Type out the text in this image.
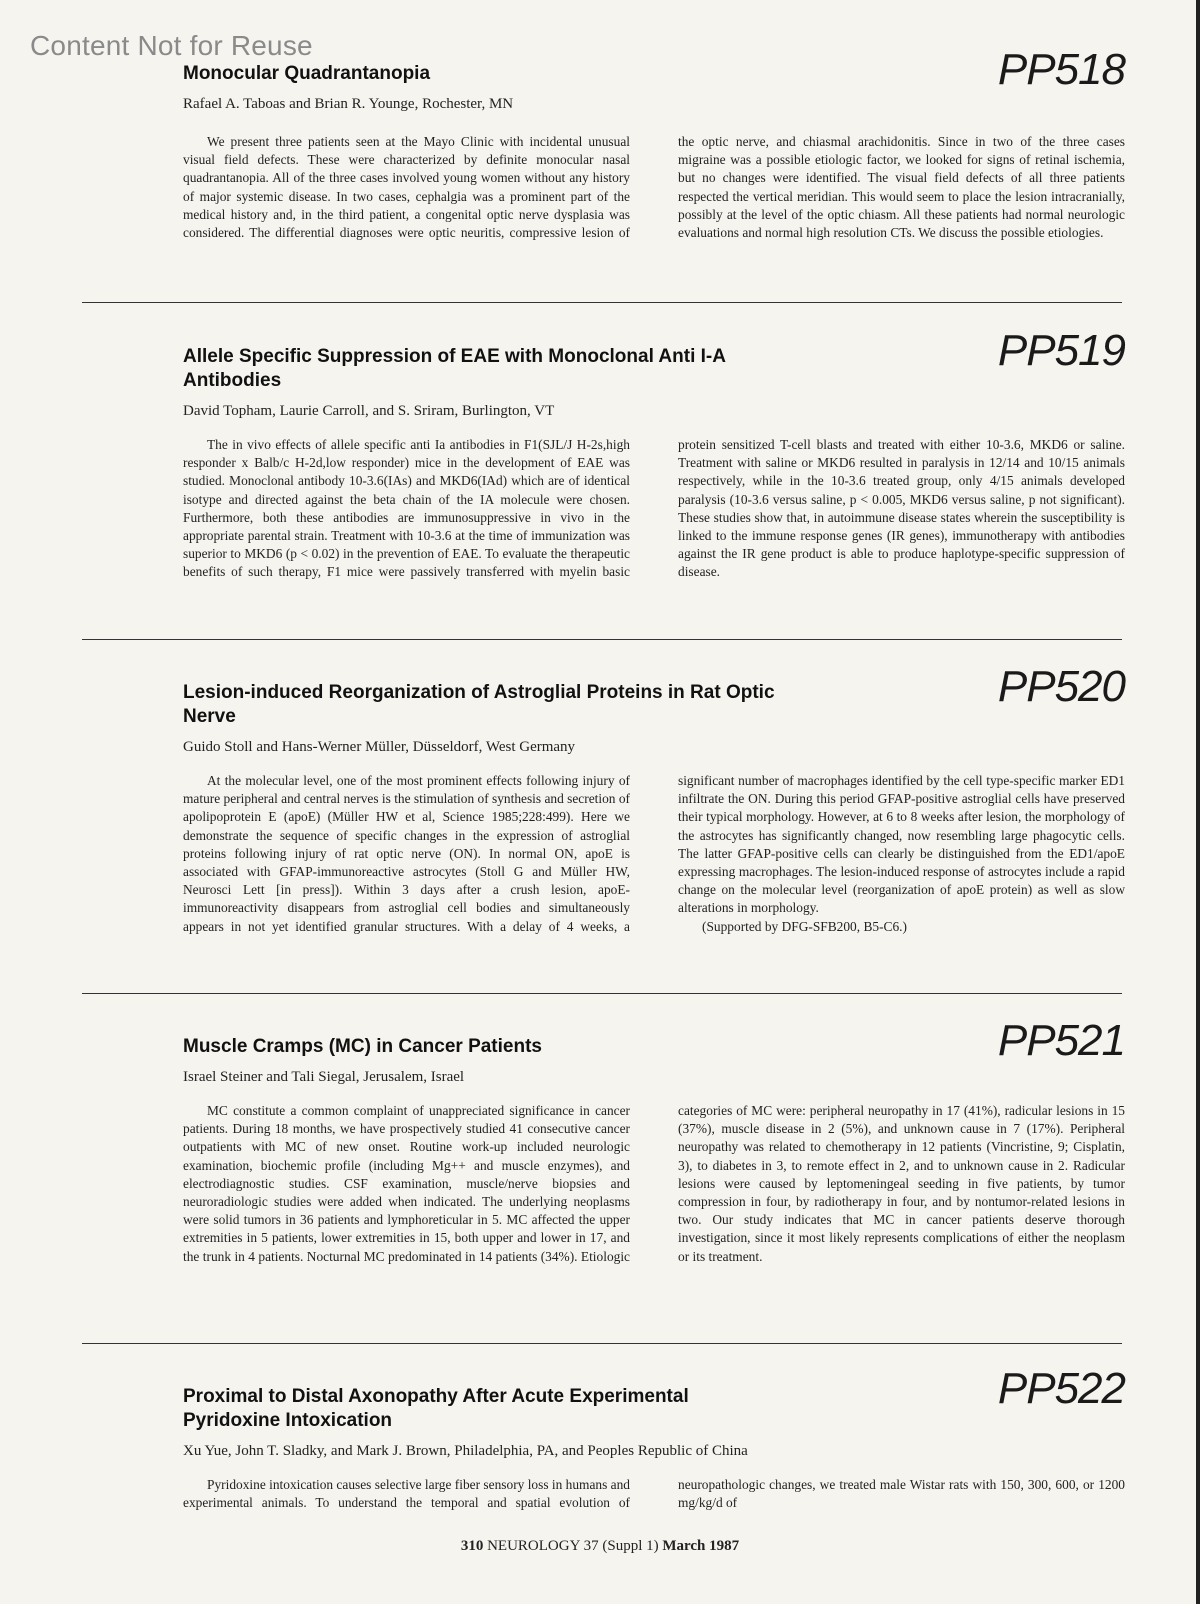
Content Not for Reuse	PP518
Monocular Quadrantanopia
Rafael A. Taboas and Brian R. Younge, Rochester, MN

We present three patients seen at the Mayo Clinic with incidental unusual visual field defects. These were characterized by definite monocular nasal quadrantanopia. All of the three cases involved young women without any history of major systemic disease. In two cases, cephalgia was a prominent part of the medical history and, in the third patient, a congenital optic nerve dysplasia was considered. The differential diagnoses were optic neuritis, compressive lesion of the optic nerve, and chiasmal arachidonitis. Since in two of the three cases migraine was a possible etiologic factor, we looked for signs of retinal ischemia, but no changes were identified. The visual field defects of all three patients respected the vertical meridian. This would seem to place the lesion intracranially, possibly at the level of the optic chiasm. All these patients had normal neurologic evaluations and normal high resolution CTs. We discuss the possible etiologies.

PP519
Allele Specific Suppression of EAE with Monoclonal Anti I-A Antibodies
David Topham, Laurie Carroll, and S. Sriram, Burlington, VT

The in vivo effects of allele specific anti Ia antibodies in F1(SJL/J H-2s,high responder x Balb/c H-2d,low responder) mice in the development of EAE was studied. Monoclonal antibody 10-3.6(IAs) and MKD6(IAd) which are of identical isotype and directed against the beta chain of the IA molecule were chosen. Furthermore, both these antibodies are immunosuppressive in vivo in the appropriate parental strain. Treatment with 10-3.6 at the time of immunization was superior to MKD6 (p < 0.02) in the prevention of EAE. To evaluate the therapeutic benefits of such therapy, F1 mice were passively transferred with myelin basic protein sensitized T-cell blasts and treated with either 10-3.6, MKD6 or saline. Treatment with saline or MKD6 resulted in paralysis in 12/14 and 10/15 animals respectively, while in the 10-3.6 treated group, only 4/15 animals developed paralysis (10-3.6 versus saline, p < 0.005, MKD6 versus saline, p not significant). These studies show that, in autoimmune disease states wherein the susceptibility is linked to the immune response genes (IR genes), immunotherapy with antibodies against the IR gene product is able to produce haplotype-specific suppression of disease.

PP520
Lesion-induced Reorganization of Astroglial Proteins in Rat Optic Nerve
Guido Stoll and Hans-Werner Müller, Düsseldorf, West Germany

At the molecular level, one of the most prominent effects following injury of mature peripheral and central nerves is the stimulation of synthesis and secretion of apolipoprotein E (apoE) (Müller HW et al, Science 1985;228:499). Here we demonstrate the sequence of specific changes in the expression of astroglial proteins following injury of rat optic nerve (ON). In normal ON, apoE is associated with GFAP-immunoreactive astrocytes (Stoll G and Müller HW, Neurosci Lett [in press]). Within 3 days after a crush lesion, apoE-immunoreactivity disappears from astroglial cell bodies and simultaneously appears in not yet identified granular structures. With a delay of 4 weeks, a significant number of macrophages identified by the cell type-specific marker ED1 infiltrate the ON. During this period GFAP-positive astroglial cells have preserved their typical morphology. However, at 6 to 8 weeks after lesion, the morphology of the astrocytes has significantly changed, now resembling large phagocytic cells. The latter GFAP-positive cells can clearly be distinguished from the ED1/apoE expressing macrophages. The lesion-induced response of astrocytes include a rapid change on the molecular level (reorganization of apoE protein) as well as slow alterations in morphology.

(Supported by DFG-SFB200, B5-C6.)

PP521
Muscle Cramps (MC) in Cancer Patients
Israel Steiner and Tali Siegal, Jerusalem, Israel

MC constitute a common complaint of unappreciated significance in cancer patients. During 18 months, we have prospectively studied 41 consecutive cancer outpatients with MC of new onset. Routine work-up included neurologic examination, biochemic profile (including Mg++ and muscle enzymes), and electrodiagnostic studies. CSF examination, muscle/nerve biopsies and neuroradiologic studies were added when indicated. The underlying neoplasms were solid tumors in 36 patients and lymphoreticular in 5. MC affected the upper extremities in 5 patients, lower extremities in 15, both upper and lower in 17, and the trunk in 4 patients. Nocturnal MC predominated in 14 patients (34%). Etiologic categories of MC were: peripheral neuropathy in 17 (41%), radicular lesions in 15 (37%), muscle disease in 2 (5%), and unknown cause in 7 (17%). Peripheral neuropathy was related to chemotherapy in 12 patients (Vincristine, 9; Cisplatin, 3), to diabetes in 3, to remote effect in 2, and to unknown cause in 2. Radicular lesions were caused by leptomeningeal seeding in five patients, by tumor compression in four, by radiotherapy in four, and by nontumor-related lesions in two. Our study indicates that MC in cancer patients deserve thorough investigation, since it most likely represents complications of either the neoplasm or its treatment.

PP522
Proximal to Distal Axonopathy After Acute Experimental Pyridoxine Intoxication
Xu Yue, John T. Sladky, and Mark J. Brown, Philadelphia, PA, and Peoples Republic of China

Pyridoxine intoxication causes selective large fiber sensory loss in humans and experimental animals. To understand the temporal and spatial evolution of neuropathologic changes, we treated male Wistar rats with 150, 300, 600, or 1200 mg/kg/d of

310 NEUROLOGY 37 (Suppl 1) March 1987
